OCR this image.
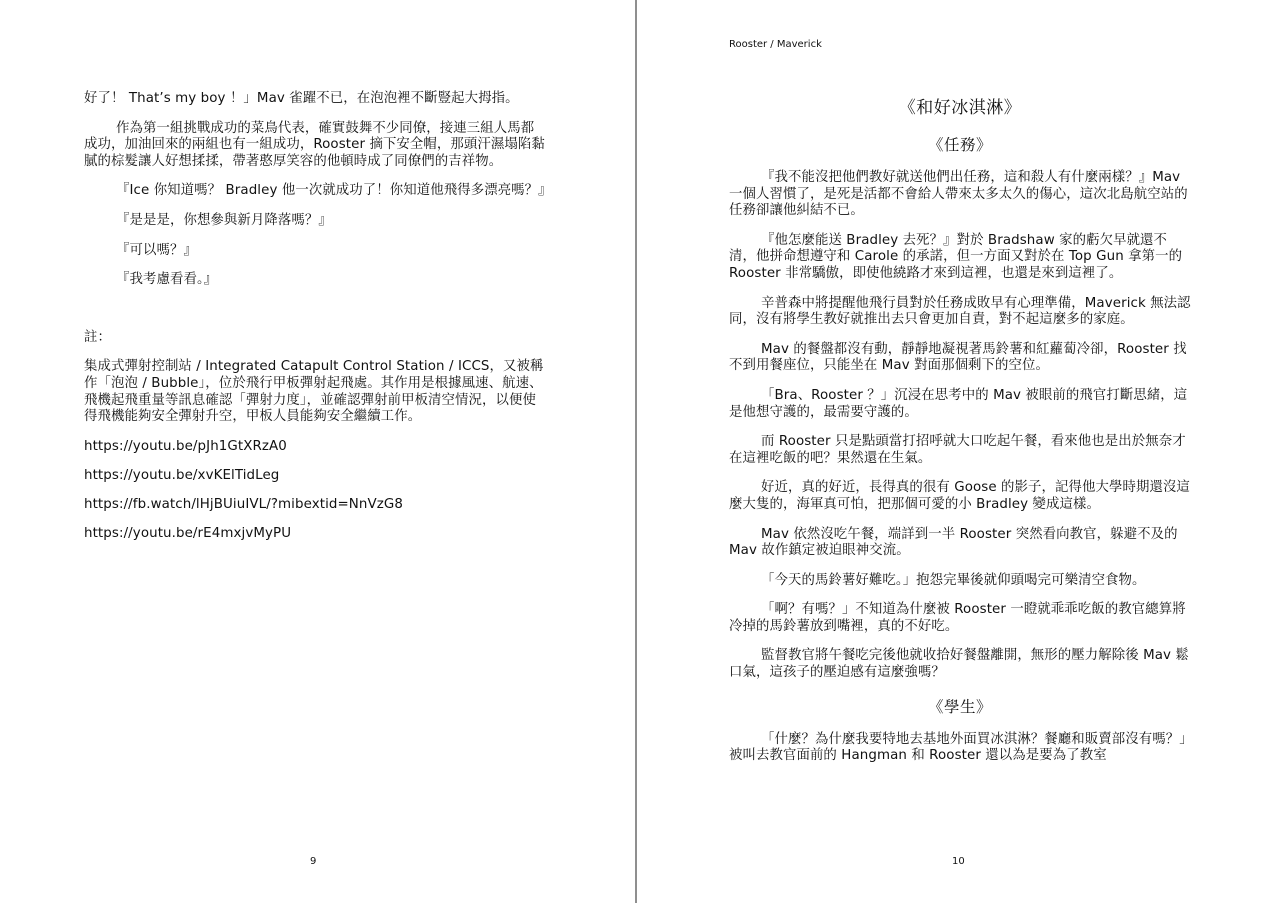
好了！ That’s my boy ！」Mav 雀躍不已，在泡泡裡不斷豎起大拇指。

作為第一組挑戰成功的菜鳥代表，確實鼓舞不少同僚，接連三組人馬都成功，加油回來的兩組也有一組成功，Rooster 摘下安全帽，那頭汗濕塌陷黏膩的棕髮讓人好想揉揉，帶著憨厚笑容的他頓時成了同僚們的吉祥物。

『Ice 你知道嗎？ Bradley 他一次就成功了！你知道他飛得多漂亮嗎？』

『是是是，你想參與新月降落嗎？』

『可以嗎？』

『我考慮看看。』

註：

集成式彈射控制站 / Integrated Catapult Control Station / ICCS，又被稱作「泡泡 / Bubble」，位於飛行甲板彈射起飛處。其作用是根據風速、航速、飛機起飛重量等訊息確認「彈射力度」，並確認彈射前甲板清空情況，以便使得飛機能夠安全彈射升空，甲板人員能夠安全繼續工作。

https://youtu.be/pJh1GtXRzA0

https://youtu.be/xvKElTidLeg

https://fb.watch/lHjBUiuIVL/?mibextid=NnVzG8

https://youtu.be/rE4mxjvMyPU

9
Rooster / Maverick
《和好冰淇淋》
《任務》

『我不能沒把他們教好就送他們出任務，這和殺人有什麼兩樣？』Mav 一個人習慣了，是死是活都不會給人帶來太多太久的傷心，這次北島航空站的任務卻讓他糾結不已。

『他怎麼能送 Bradley 去死？』對於 Bradshaw 家的虧欠早就還不清，他拼命想遵守和 Carole 的承諾，但一方面又對於在 Top Gun 拿第一的 Rooster 非常驕傲，即使他繞路才來到這裡，也還是來到這裡了。

辛普森中將提醒他飛行員對於任務成敗早有心理準備，Maverick 無法認同，沒有將學生教好就推出去只會更加自責，對不起這麼多的家庭。

Mav 的餐盤都沒有動，靜靜地凝視著馬鈴薯和紅蘿蔔冷卻，Rooster 找不到用餐座位，只能坐在 Mav 對面那個剩下的空位。

「Bra、Rooster ？」沉浸在思考中的 Mav 被眼前的飛官打斷思緒，這是他想守護的，最需要守護的。

而 Rooster 只是點頭當打招呼就大口吃起午餐，看來他也是出於無奈才在這裡吃飯的吧？果然還在生氣。

好近，真的好近，長得真的很有 Goose 的影子，記得他大學時期還沒這麼大隻的，海軍真可怕，把那個可愛的小 Bradley 變成這樣。

Mav 依然沒吃午餐，端詳到一半 Rooster 突然看向教官，躲避不及的 Mav 故作鎮定被迫眼神交流。

「今天的馬鈴薯好難吃。」抱怨完畢後就仰頭喝完可樂清空食物。

「啊？有嗎？」不知道為什麼被 Rooster 一瞪就乖乖吃飯的教官總算將冷掉的馬鈴薯放到嘴裡，真的不好吃。

監督教官將午餐吃完後他就收拾好餐盤離開，無形的壓力解除後 Mav 鬆口氣，這孩子的壓迫感有這麼強嗎？

《學生》

「什麼？為什麼我要特地去基地外面買冰淇淋？餐廳和販賣部沒有嗎？」被叫去教官面前的 Hangman 和 Rooster 還以為是要為了教室

10
